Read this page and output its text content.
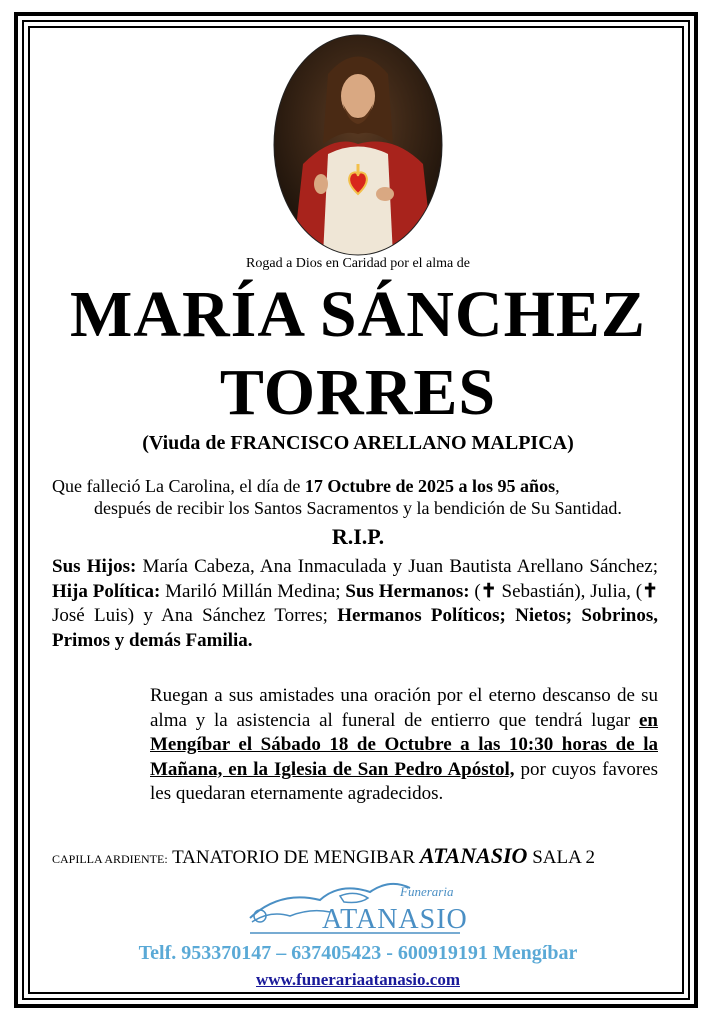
Rogad a Dios en Caridad por el alma de
MARÍA SÁNCHEZ
TORRES
(Viuda de FRANCISCO ARELLANO MALPICA)
Que falleció La Carolina, el día de 17 Octubre de 2025 a los 95 años,
después de recibir los Santos Sacramentos y la bendición de Su Santidad.
R.I.P.
Sus Hijos: María Cabeza, Ana Inmaculada y Juan Bautista Arellano Sánchez; Hija Política: Mariló Millán Medina; Sus Hermanos: (✝ Sebastián), Julia, (✝ José Luis) y Ana Sánchez Torres; Hermanos Políticos; Nietos; Sobrinos, Primos y demás Familia.
Ruegan a sus amistades una oración por el eterno descanso de su alma y la asistencia al funeral de entierro que tendrá lugar en Mengíbar el Sábado 18 de Octubre a las 10:30 horas de la Mañana, en la Iglesia de San Pedro Apóstol, por cuyos favores les quedaran eternamente agradecidos.
CAPILLA ARDIENTE: TANATORIO DE MENGIBAR ATANASIO SALA 2
Funeraria
ATANASIO
Telf. 953370147 – 637405423 - 600919191 Mengíbar
www.funerariaatanasio.com
